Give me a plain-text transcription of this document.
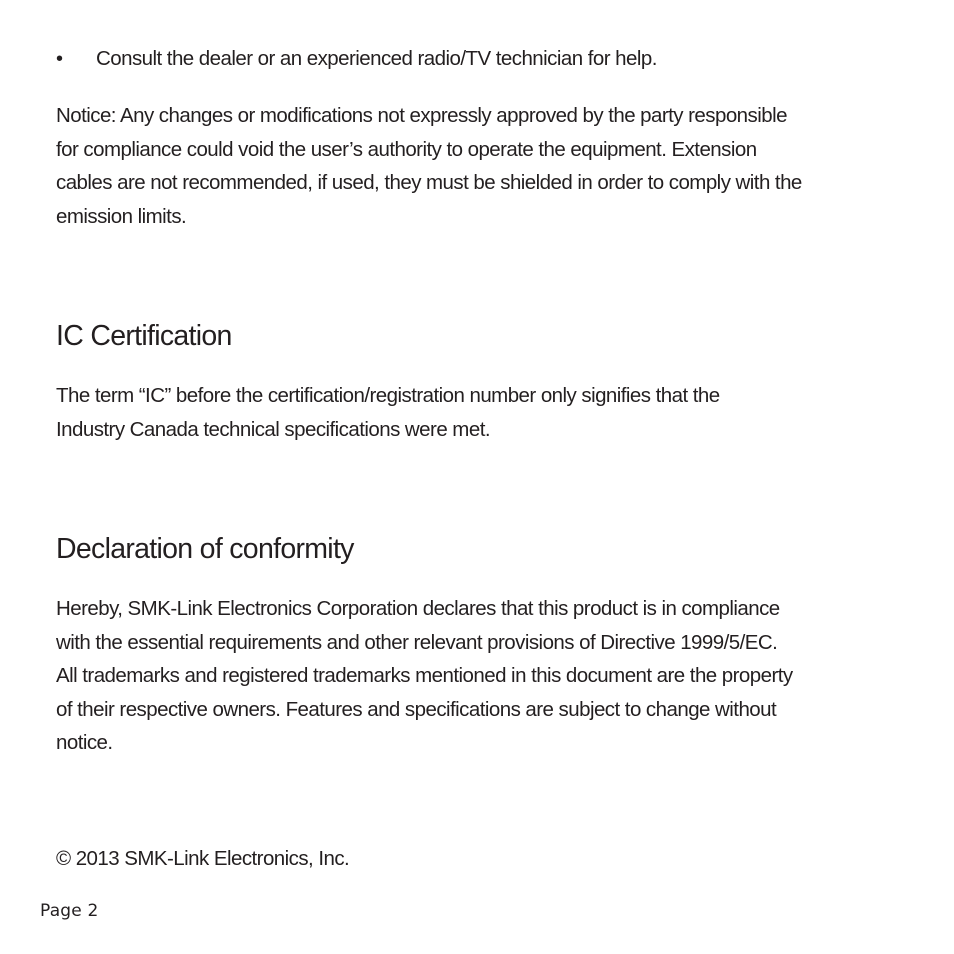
•	Consult the dealer or an experienced radio/TV technician for help.

Notice: Any changes or modifications not expressly approved by the party responsible
for compliance could void the user’s authority to operate the equipment. Extension
cables are not recommended, if used, they must be shielded in order to comply with the
emission limits.

IC Certification

The term “IC” before the certification/registration number only signifies that the
Industry Canada technical specifications were met.

Declaration of conformity

Hereby, SMK-Link Electronics Corporation declares that this product is in compliance
with the essential requirements and other relevant provisions of Directive 1999/5/EC.
All trademarks and registered trademarks mentioned in this document are the property
of their respective owners. Features and specifications are subject to change without
notice.

© 2013 SMK-Link Electronics, Inc.
Page 2
